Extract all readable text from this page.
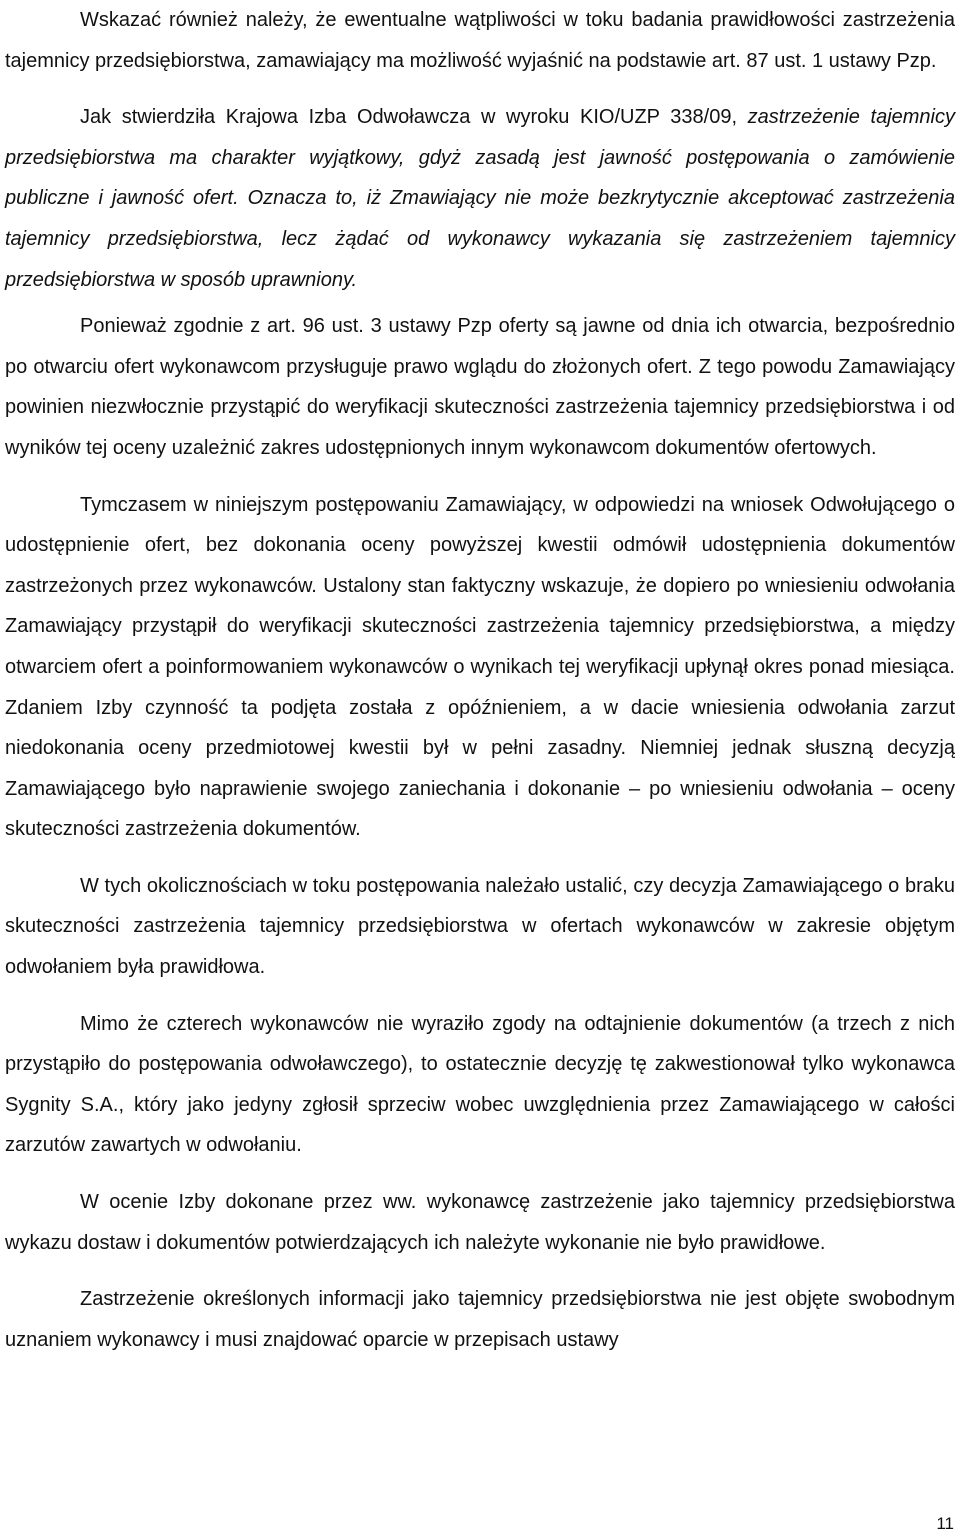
Wskazać również należy, że ewentualne wątpliwości w toku badania prawidłowości zastrzeżenia tajemnicy przedsiębiorstwa, zamawiający ma możliwość wyjaśnić na podstawie art. 87 ust. 1 ustawy Pzp.

Jak stwierdziła Krajowa Izba Odwoławcza w wyroku KIO/UZP 338/09, zastrzeżenie tajemnicy przedsiębiorstwa ma charakter wyjątkowy, gdyż zasadą jest jawność postępowania o zamówienie publiczne i jawność ofert. Oznacza to, iż Zmawiający nie może bezkrytycznie akceptować zastrzeżenia tajemnicy przedsiębiorstwa, lecz żądać od wykonawcy wykazania się zastrzeżeniem tajemnicy przedsiębiorstwa w sposób uprawniony.

Ponieważ zgodnie z art. 96 ust. 3 ustawy Pzp oferty są jawne od dnia ich otwarcia, bezpośrednio po otwarciu ofert wykonawcom przysługuje prawo wglądu do złożonych ofert. Z tego powodu Zamawiający powinien niezwłocznie przystąpić do weryfikacji skuteczności zastrzeżenia tajemnicy przedsiębiorstwa i od wyników tej oceny uzależnić zakres udostępnionych innym wykonawcom dokumentów ofertowych.

Tymczasem w niniejszym postępowaniu Zamawiający, w odpowiedzi na wniosek Odwołującego o udostępnienie ofert, bez dokonania oceny powyższej kwestii odmówił udostępnienia dokumentów zastrzeżonych przez wykonawców. Ustalony stan faktyczny wskazuje, że dopiero po wniesieniu odwołania Zamawiający przystąpił do weryfikacji skuteczności zastrzeżenia tajemnicy przedsiębiorstwa, a między otwarciem ofert a poinformowaniem wykonawców o wynikach tej weryfikacji upłynął okres ponad miesiąca. Zdaniem Izby czynność ta podjęta została z opóźnieniem, a w dacie wniesienia odwołania zarzut niedokonania oceny przedmiotowej kwestii był w pełni zasadny. Niemniej jednak słuszną decyzją Zamawiającego było naprawienie swojego zaniechania i dokonanie – po wniesieniu odwołania – oceny skuteczności zastrzeżenia dokumentów.

W tych okolicznościach w toku postępowania należało ustalić, czy decyzja Zamawiającego o braku skuteczności zastrzeżenia tajemnicy przedsiębiorstwa w ofertach wykonawców w zakresie objętym odwołaniem była prawidłowa.

Mimo że czterech wykonawców nie wyraziło zgody na odtajnienie dokumentów (a trzech z nich przystąpiło do postępowania odwoławczego), to ostatecznie decyzję tę zakwestionował tylko wykonawca Sygnity S.A., który jako jedyny zgłosił sprzeciw wobec uwzględnienia przez Zamawiającego w całości zarzutów zawartych w odwołaniu.

W ocenie Izby dokonane przez ww. wykonawcę zastrzeżenie jako tajemnicy przedsiębiorstwa wykazu dostaw i dokumentów potwierdzających ich należyte wykonanie nie było prawidłowe.

Zastrzeżenie określonych informacji jako tajemnicy przedsiębiorstwa nie jest objęte swobodnym uznaniem wykonawcy i musi znajdować oparcie w przepisach ustawy

11
